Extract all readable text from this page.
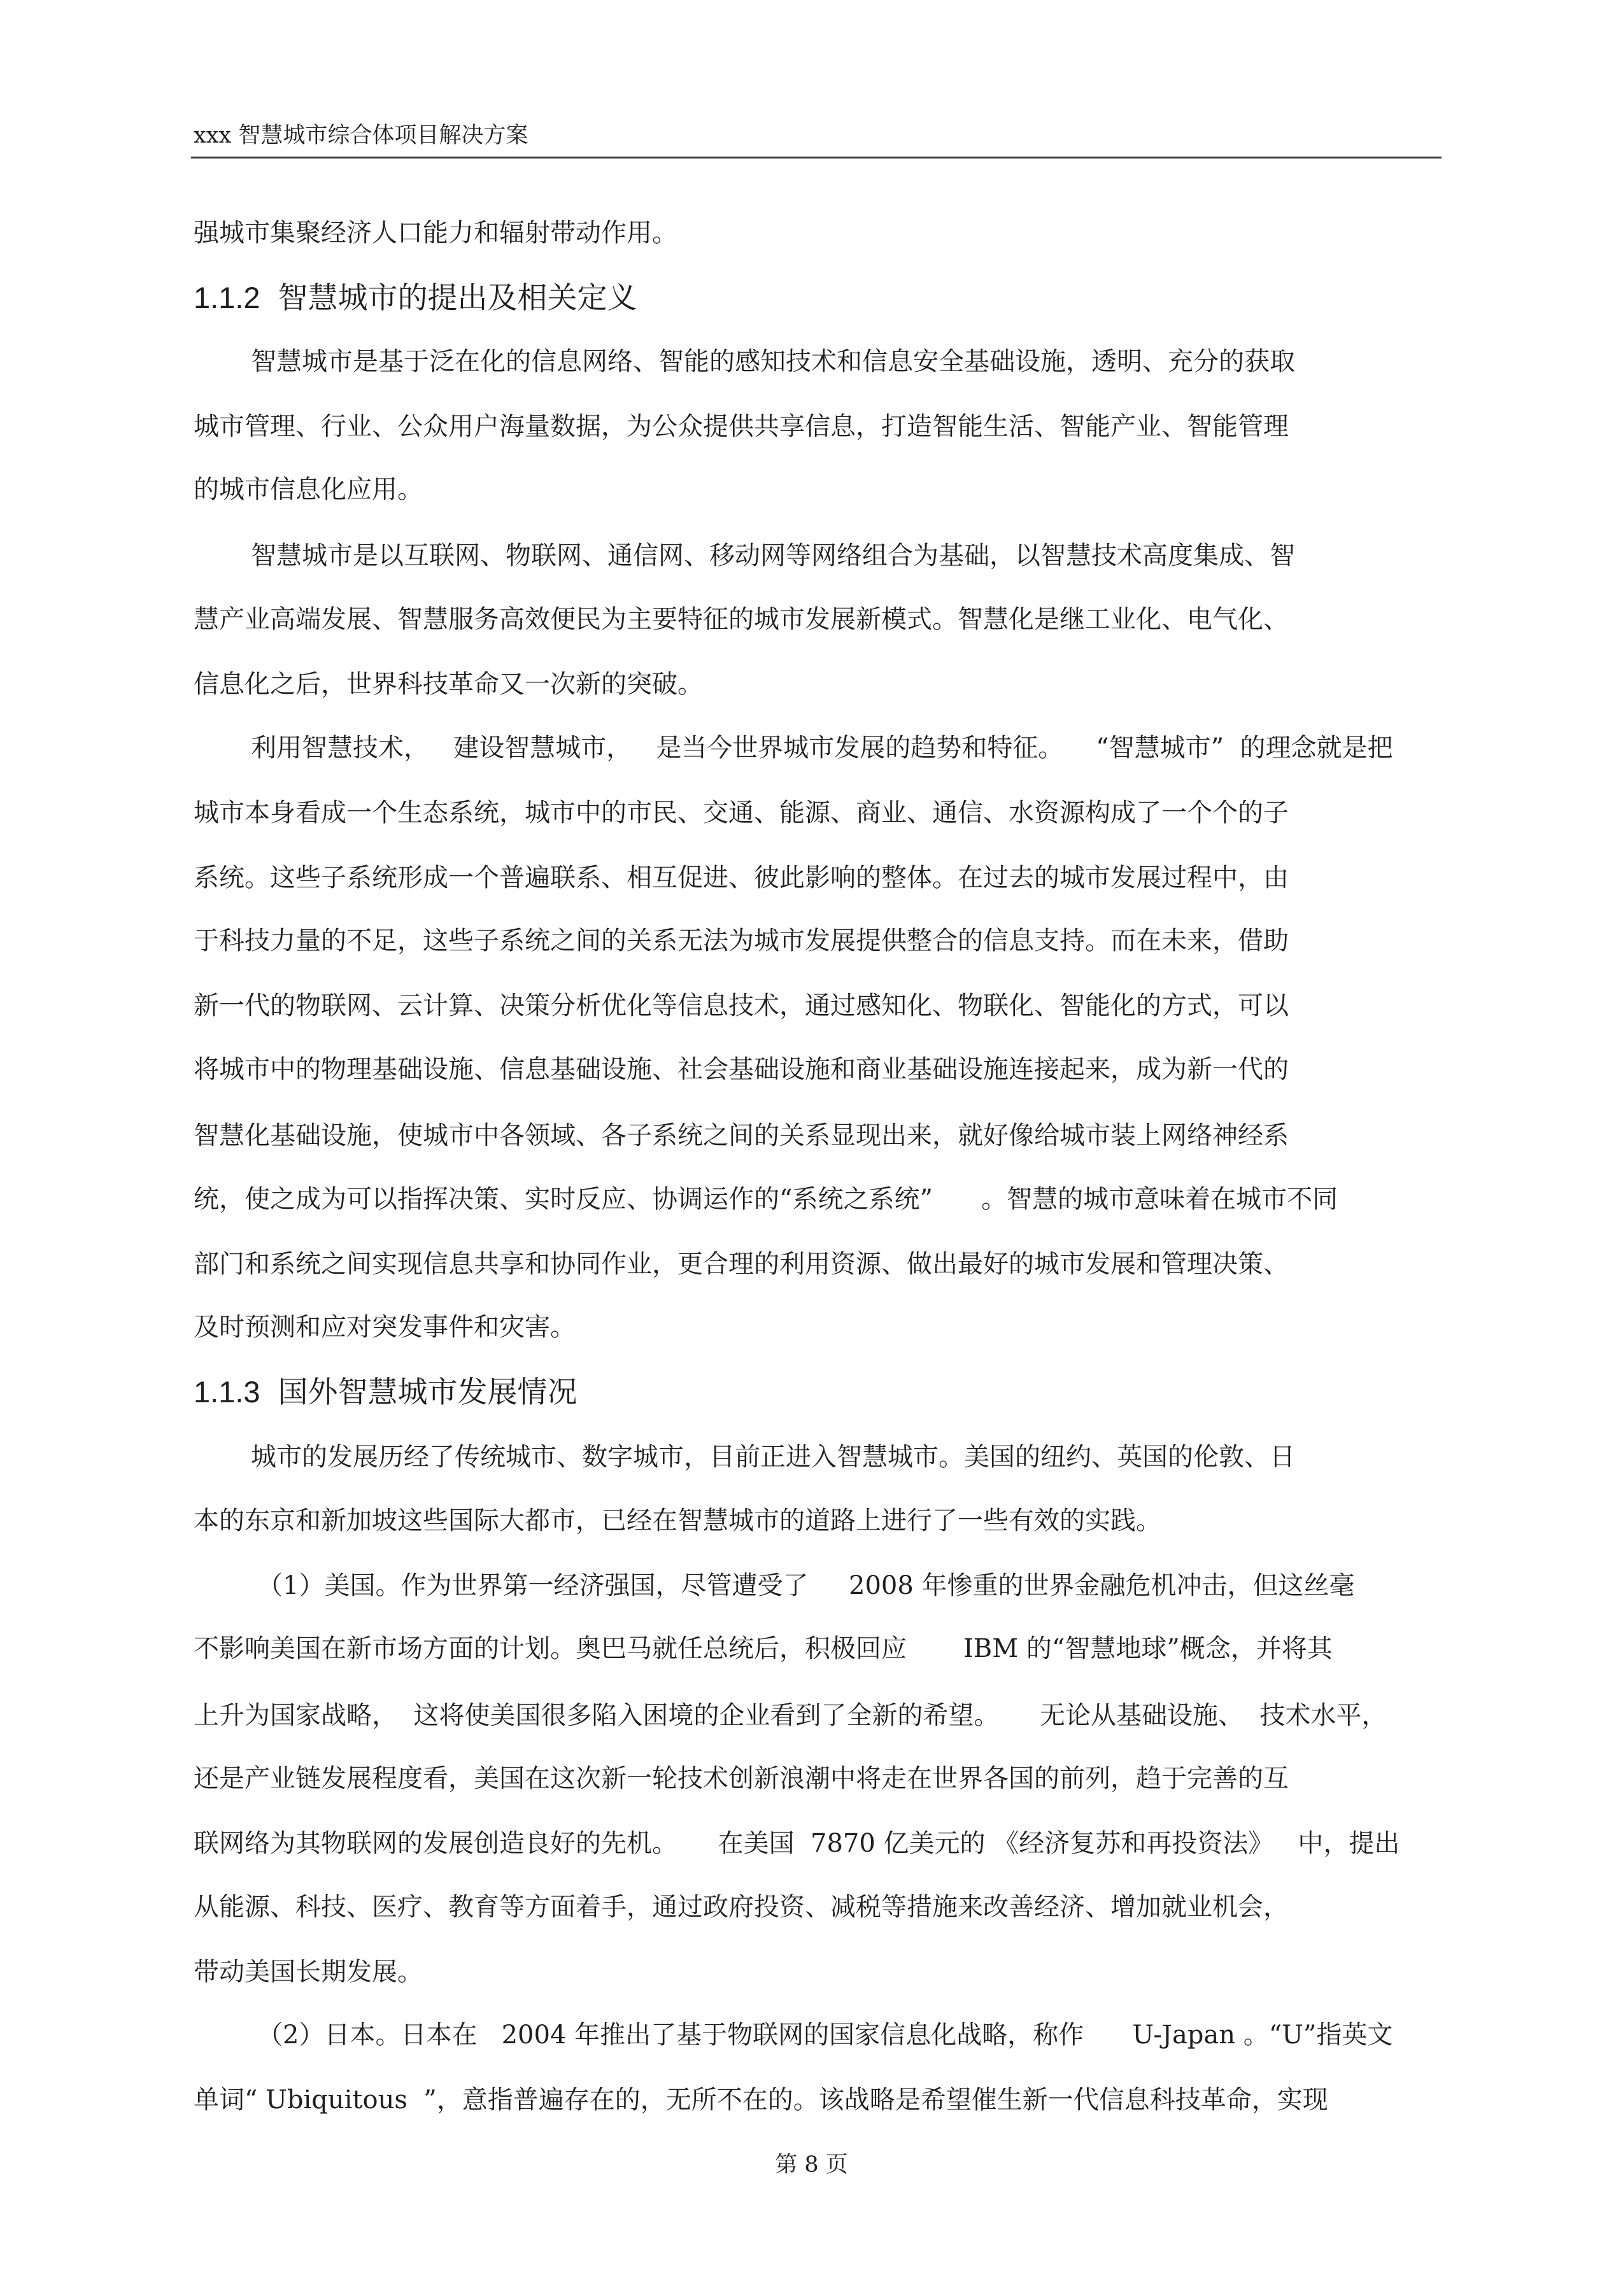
xxx 智慧城市综合体项目解决方案
强城市集聚经济人口能力和辐射带动作用。
1.1.2 智慧城市的提出及相关定义
智慧城市是基于泛在化的信息网络、智能的感知技术和信息安全基础设施，透明、充分的获取
城市管理、行业、公众用户海量数据，为公众提供共享信息，打造智能生活、智能产业、智能管理
的城市信息化应用。
智慧城市是以互联网、物联网、通信网、移动网等网络组合为基础，以智慧技术高度集成、智
慧产业高端发展、智慧服务高效便民为主要特征的城市发展新模式。智慧化是继工业化、电气化、
信息化之后，世界科技革命又一次新的突破。
利用智慧技术，   建设智慧城市，   是当今世界城市发展的趋势和特征。    “智慧城市”  的理念就是把
城市本身看成一个生态系统，城市中的市民、交通、能源、商业、通信、水资源构成了一个个的子
系统。这些子系统形成一个普遍联系、相互促进、彼此影响的整体。在过去的城市发展过程中，由
于科技力量的不足，这些子系统之间的关系无法为城市发展提供整合的信息支持。而在未来，借助
新一代的物联网、云计算、决策分析优化等信息技术，通过感知化、物联化、智能化的方式，可以
将城市中的物理基础设施、信息基础设施、社会基础设施和商业基础设施连接起来，成为新一代的
智慧化基础设施，使城市中各领域、各子系统之间的关系显现出来，就好像给城市装上网络神经系
统，使之成为可以指挥决策、实时反应、协调运作的“系统之系统”      。智慧的城市意味着在城市不同
部门和系统之间实现信息共享和协同作业，更合理的利用资源、做出最好的城市发展和管理决策、
及时预测和应对突发事件和灾害。
1.1.3 国外智慧城市发展情况
城市的发展历经了传统城市、数字城市，目前正进入智慧城市。美国的纽约、英国的伦敦、日
本的东京和新加坡这些国际大都市，已经在智慧城市的道路上进行了一些有效的实践。
（1）美国。作为世界第一经济强国，尽管遭受了     2008 年惨重的世界金融危机冲击，但这丝毫
不影响美国在新市场方面的计划。奥巴马就任总统后，积极回应       IBM 的“智慧地球”概念，并将其
上升为国家战略，  这将使美国很多陷入困境的企业看到了全新的希望。     无论从基础设施、  技术水平，
还是产业链发展程度看，美国在这次新一轮技术创新浪潮中将走在世界各国的前列，趋于完善的互
联网络为其物联网的发展创造良好的先机。     在美国  7870 亿美元的 《经济复苏和再投资法》   中，提出
从能源、科技、医疗、教育等方面着手，通过政府投资、减税等措施来改善经济、增加就业机会，
带动美国长期发展。
（2）日本。日本在   2004 年推出了基于物联网的国家信息化战略，称作      U-Japan 。“U”指英文
单词“ Ubiquitous  ”，意指普遍存在的，无所不在的。该战略是希望催生新一代信息科技革命，实现
第 8 页
